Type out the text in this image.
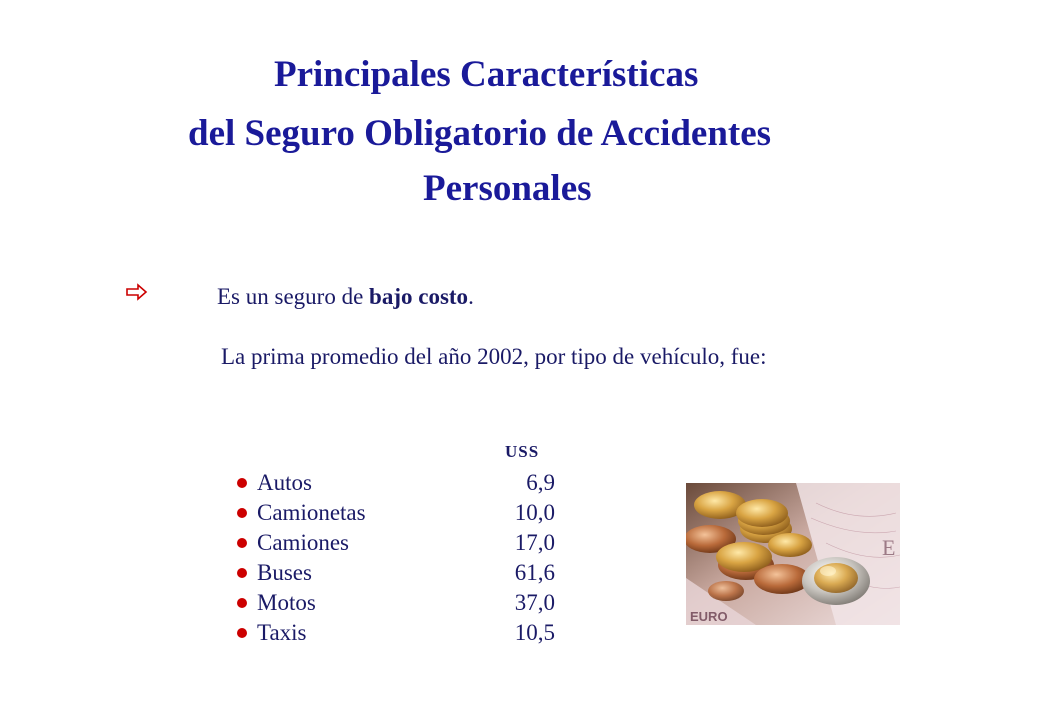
Principales Características
del Seguro Obligatorio de Accidentes
Personales
Es un seguro de bajo costo.
La prima promedio del año 2002, por tipo de vehículo, fue:
USS
Autos	6,9
Camionetas	10,0
Camiones	17,0
Buses	61,6
Motos	37,0
Taxis	10,5
E
EURO
